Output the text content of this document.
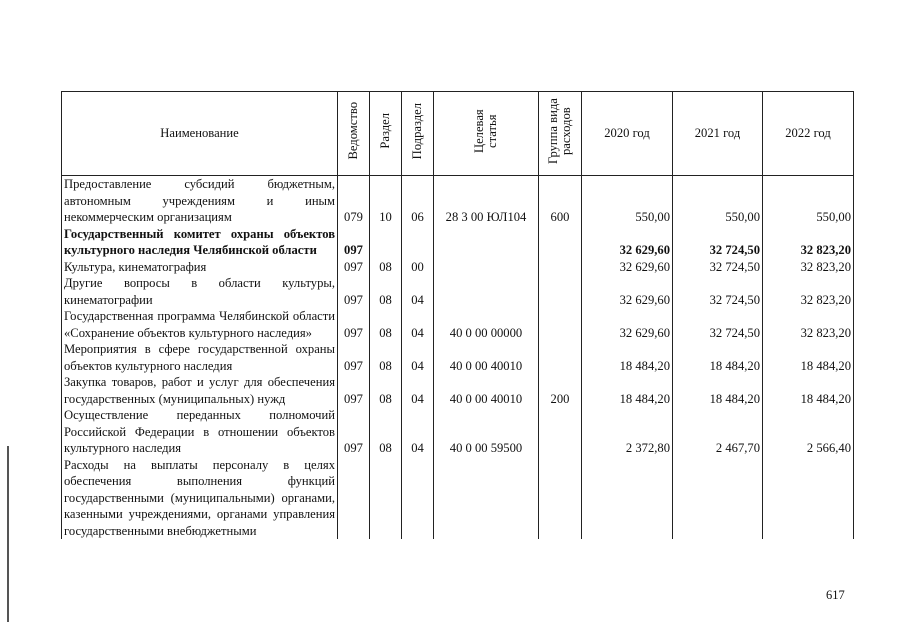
Наименование	Ведомство	Раздел	Подраздел	Целевая статья	Группа вида расходов	2020 год	2021 год	2022 год
Предоставление субсидий бюджетным, автономным учреждениям и иным некоммерческим организациям	079	10	06	28 3 00 ЮЛ104	600	550,00	550,00	550,00
Государственный комитет охраны объектов культурного наследия Челябинской области	097					32 629,60	32 724,50	32 823,20
Культура, кинематография	097	08	00			32 629,60	32 724,50	32 823,20
Другие вопросы в области культуры, кинематографии	097	08	04			32 629,60	32 724,50	32 823,20
Государственная программа Челябинской области «Сохранение объектов культурного наследия»	097	08	04	40 0 00 00000		32 629,60	32 724,50	32 823,20
Мероприятия в сфере государственной охраны объектов культурного наследия	097	08	04	40 0 00 40010		18 484,20	18 484,20	18 484,20
Закупка товаров, работ и услуг для обеспечения государственных (муниципальных) нужд	097	08	04	40 0 00 40010	200	18 484,20	18 484,20	18 484,20
Осуществление переданных полномочий Российской Федерации в отношении объектов культурного наследия	097	08	04	40 0 00 59500		2 372,80	2 467,70	2 566,40
Расходы на выплаты персоналу в целях обеспечения выполнения функций государственными (муниципальными) органами, казенными учреждениями, органами управления государственными внебюджетными								
617
